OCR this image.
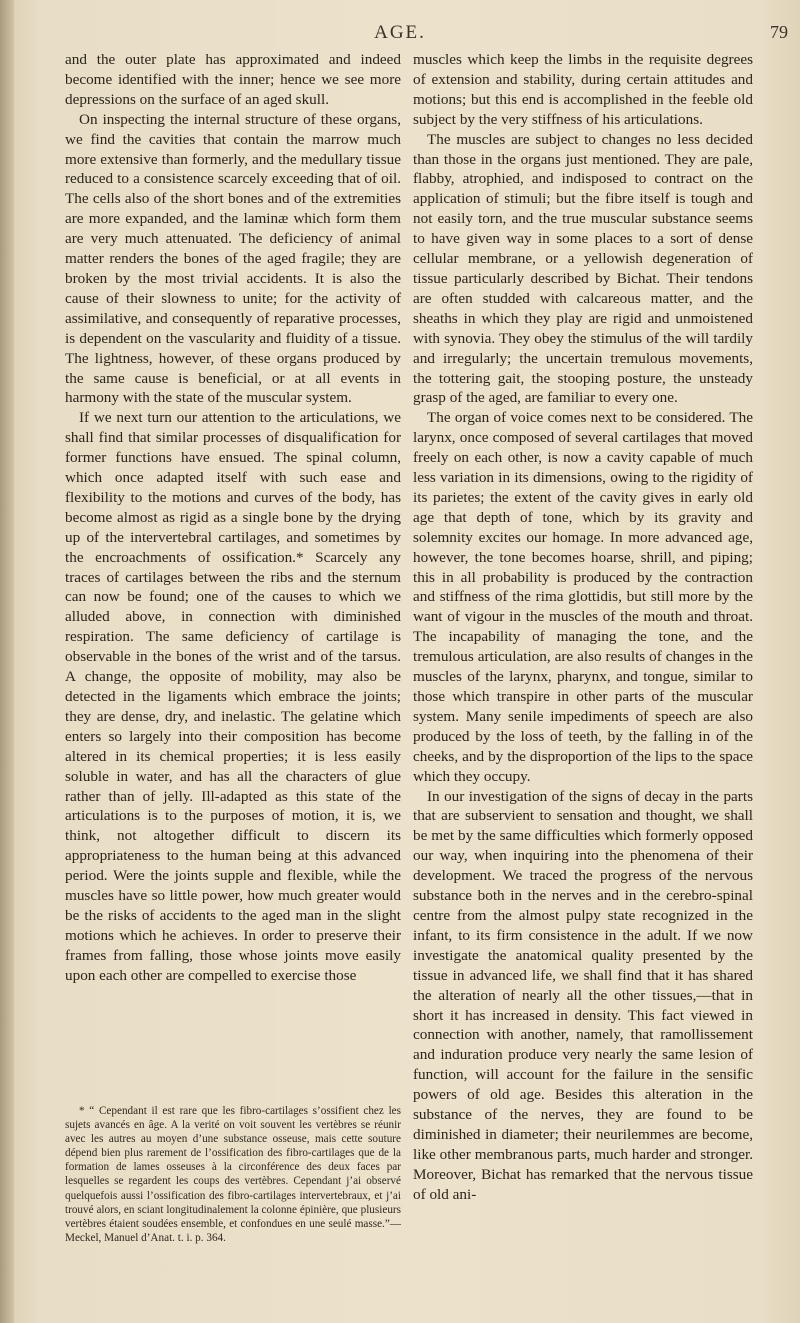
AGE.	79

and the outer plate has approximated and indeed become identified with the inner; hence we see more depressions on the surface of an aged skull.

On inspecting the internal structure of these organs, we find the cavities that contain the marrow much more extensive than formerly, and the medullary tissue reduced to a consistence scarcely exceeding that of oil. The cells also of the short bones and of the extremities are more expanded, and the laminæ which form them are very much attenuated. The deficiency of animal matter renders the bones of the aged fragile; they are broken by the most trivial accidents. It is also the cause of their slowness to unite; for the activity of assimilative, and consequently of reparative processes, is dependent on the vascularity and fluidity of a tissue. The lightness, however, of these organs produced by the same cause is beneficial, or at all events in harmony with the state of the muscular system.

If we next turn our attention to the articulations, we shall find that similar processes of disqualification for former functions have ensued. The spinal column, which once adapted itself with such ease and flexibility to the motions and curves of the body, has become almost as rigid as a single bone by the drying up of the intervertebral cartilages, and sometimes by the encroachments of ossification.* Scarcely any traces of cartilages between the ribs and the sternum can now be found; one of the causes to which we alluded above, in connection with diminished respiration. The same deficiency of cartilage is observable in the bones of the wrist and of the tarsus. A change, the opposite of mobility, may also be detected in the ligaments which embrace the joints; they are dense, dry, and inelastic. The gelatine which enters so largely into their composition has become altered in its chemical properties; it is less easily soluble in water, and has all the characters of glue rather than of jelly. Ill-adapted as this state of the articulations is to the purposes of motion, it is, we think, not altogether difficult to discern its appropriateness to the human being at this advanced period. Were the joints supple and flexible, while the muscles have so little power, how much greater would be the risks of accidents to the aged man in the slight motions which he achieves. In order to preserve their frames from falling, those whose joints move easily upon each other are compelled to exercise those

* “ Cependant il est rare que les fibro-cartilages s’ossifient chez les sujets avancés en âge. A la verité on voit souvent les vertèbres se réunir avec les autres au moyen d’une substance osseuse, mais cette souture dépend bien plus rarement de l’ossification des fibro-cartilages que de la formation de lames osseuses à la circonférence des deux faces par lesquelles se regardent les coups des vertèbres. Cependant j’ai observé quelquefois aussi l’ossification des fibro-cartilages intervertebraux, et j’ai trouvé alors, en sciant longitudinalement la colonne épinière, que plusieurs vertèbres étaient soudées ensemble, et confondues en une seulé masse.”— Meckel, Manuel d’Anat. t. i. p. 364.

muscles which keep the limbs in the requisite degrees of extension and stability, during certain attitudes and motions; but this end is accomplished in the feeble old subject by the very stiffness of his articulations.

The muscles are subject to changes no less decided than those in the organs just mentioned. They are pale, flabby, atrophied, and indisposed to contract on the application of stimuli; but the fibre itself is tough and not easily torn, and the true muscular substance seems to have given way in some places to a sort of dense cellular membrane, or a yellowish degeneration of tissue particularly described by Bichat. Their tendons are often studded with calcareous matter, and the sheaths in which they play are rigid and unmoistened with synovia. They obey the stimulus of the will tardily and irregularly; the uncertain tremulous movements, the tottering gait, the stooping posture, the unsteady grasp of the aged, are familiar to every one.

The organ of voice comes next to be considered. The larynx, once composed of several cartilages that moved freely on each other, is now a cavity capable of much less variation in its dimensions, owing to the rigidity of its parietes; the extent of the cavity gives in early old age that depth of tone, which by its gravity and solemnity excites our homage. In more advanced age, however, the tone becomes hoarse, shrill, and piping; this in all probability is produced by the contraction and stiffness of the rima glottidis, but still more by the want of vigour in the muscles of the mouth and throat. The incapability of managing the tone, and the tremulous articulation, are also results of changes in the muscles of the larynx, pharynx, and tongue, similar to those which transpire in other parts of the muscular system. Many senile impediments of speech are also produced by the loss of teeth, by the falling in of the cheeks, and by the disproportion of the lips to the space which they occupy.

In our investigation of the signs of decay in the parts that are subservient to sensation and thought, we shall be met by the same difficulties which formerly opposed our way, when inquiring into the phenomena of their development. We traced the progress of the nervous substance both in the nerves and in the cerebro-spinal centre from the almost pulpy state recognized in the infant, to its firm consistence in the adult. If we now investigate the anatomical quality presented by the tissue in advanced life, we shall find that it has shared the alteration of nearly all the other tissues,—that in short it has increased in density. This fact viewed in connection with another, namely, that ramollissement and induration produce very nearly the same lesion of function, will account for the failure in the sensific powers of old age. Besides this alteration in the substance of the nerves, they are found to be diminished in diameter; their neurilemmes are become, like other membranous parts, much harder and stronger. Moreover, Bichat has remarked that the nervous tissue of old ani-
